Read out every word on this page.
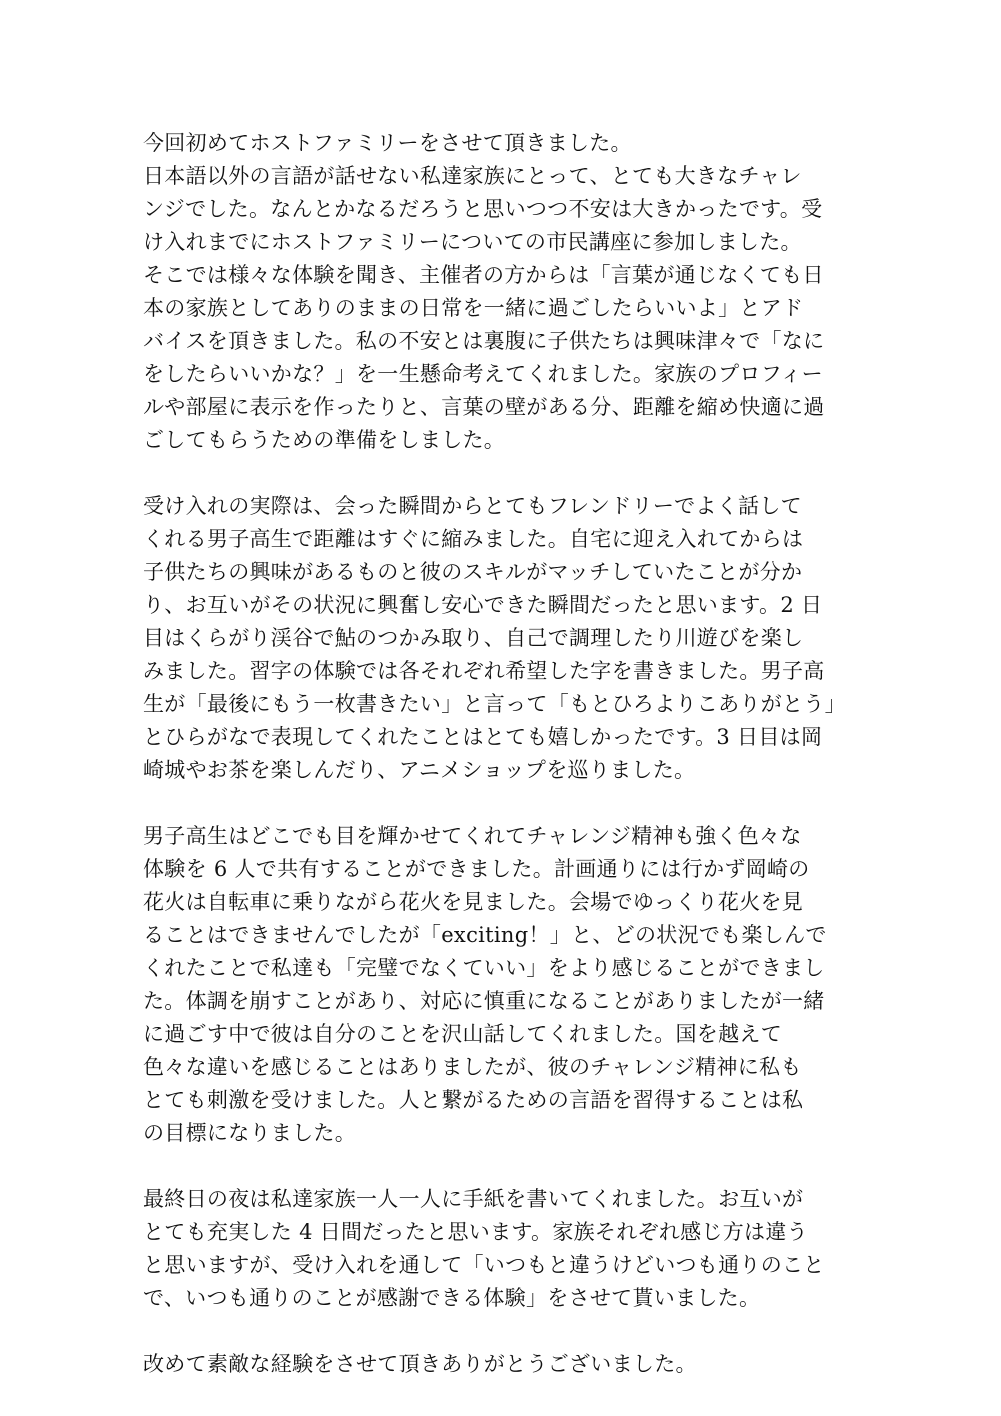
今回初めてホストファミリーをさせて頂きました。
日本語以外の言語が話せない私達家族にとって、とても大きなチャレ
ンジでした。なんとかなるだろうと思いつつ不安は大きかったです。受
け入れまでにホストファミリーについての市民講座に参加しました。
そこでは様々な体験を聞き、主催者の方からは「言葉が通じなくても日
本の家族としてありのままの日常を一緒に過ごしたらいいよ」とアド
バイスを頂きました。私の不安とは裏腹に子供たちは興味津々で「なに
をしたらいいかな？」を一生懸命考えてくれました。家族のプロフィー
ルや部屋に表示を作ったりと、言葉の壁がある分、距離を縮め快適に過
ごしてもらうための準備をしました。
受け入れの実際は、会った瞬間からとてもフレンドリーでよく話して
くれる男子高生で距離はすぐに縮みました。自宅に迎え入れてからは
子供たちの興味があるものと彼のスキルがマッチしていたことが分か
り、お互いがその状況に興奮し安心できた瞬間だったと思います。2 日
目はくらがり渓谷で鮎のつかみ取り、自己で調理したり川遊びを楽し
みました。習字の体験では各それぞれ希望した字を書きました。男子高
生が「最後にもう一枚書きたい」と言って「もとひろよりこありがとう」
とひらがなで表現してくれたことはとても嬉しかったです。3 日目は岡
崎城やお茶を楽しんだり、アニメショップを巡りました。
男子高生はどこでも目を輝かせてくれてチャレンジ精神も強く色々な
体験を 6 人で共有することができました。計画通りには行かず岡崎の
花火は自転車に乗りながら花火を見ました。会場でゆっくり花火を見
ることはできませんでしたが「exciting！」と、どの状況でも楽しんで
くれたことで私達も「完璧でなくていい」をより感じることができまし
た。体調を崩すことがあり、対応に慎重になることがありましたが一緒
に過ごす中で彼は自分のことを沢山話してくれました。国を越えて
色々な違いを感じることはありましたが、彼のチャレンジ精神に私も
とても刺激を受けました。人と繋がるための言語を習得することは私
の目標になりました。
最終日の夜は私達家族一人一人に手紙を書いてくれました。お互いが
とても充実した 4 日間だったと思います。家族それぞれ感じ方は違う
と思いますが、受け入れを通して「いつもと違うけどいつも通りのこと
で、いつも通りのことが感謝できる体験」をさせて貰いました。
改めて素敵な経験をさせて頂きありがとうございました。
